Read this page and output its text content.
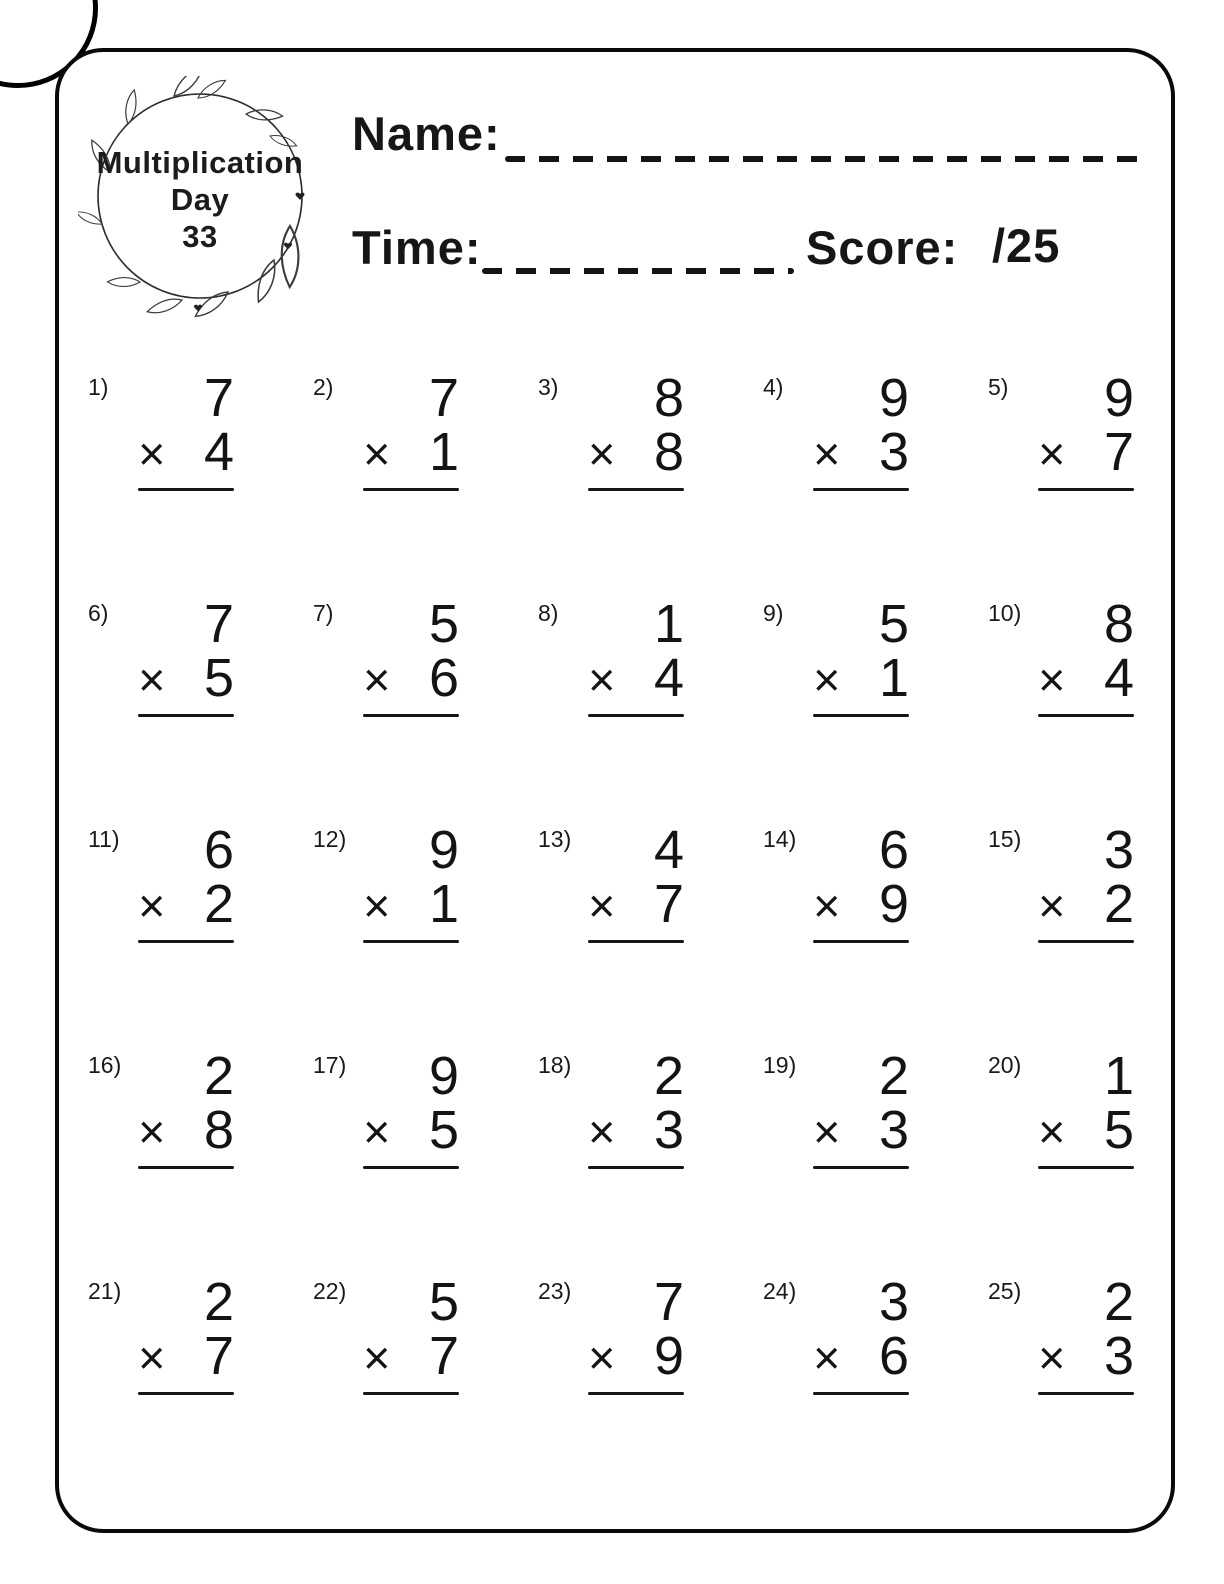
Multiplication
Day
33
Name:
Time:	Score: /25
1)	7
× 4
2)	7
× 1
3)	8
× 8
4)	9
× 3
5)	9
× 7
6)	7
× 5
7)	5
× 6
8)	1
× 4
9)	5
× 1
10)	8
× 4
11)	6
× 2
12)	9
× 1
13)	4
× 7
14)	6
× 9
15)	3
× 2
16)	2
× 8
17)	9
× 5
18)	2
× 3
19)	2
× 3
20)	1
× 5
21)	2
× 7
22)	5
× 7
23)	7
× 9
24)	3
× 6
25)	2
× 3
